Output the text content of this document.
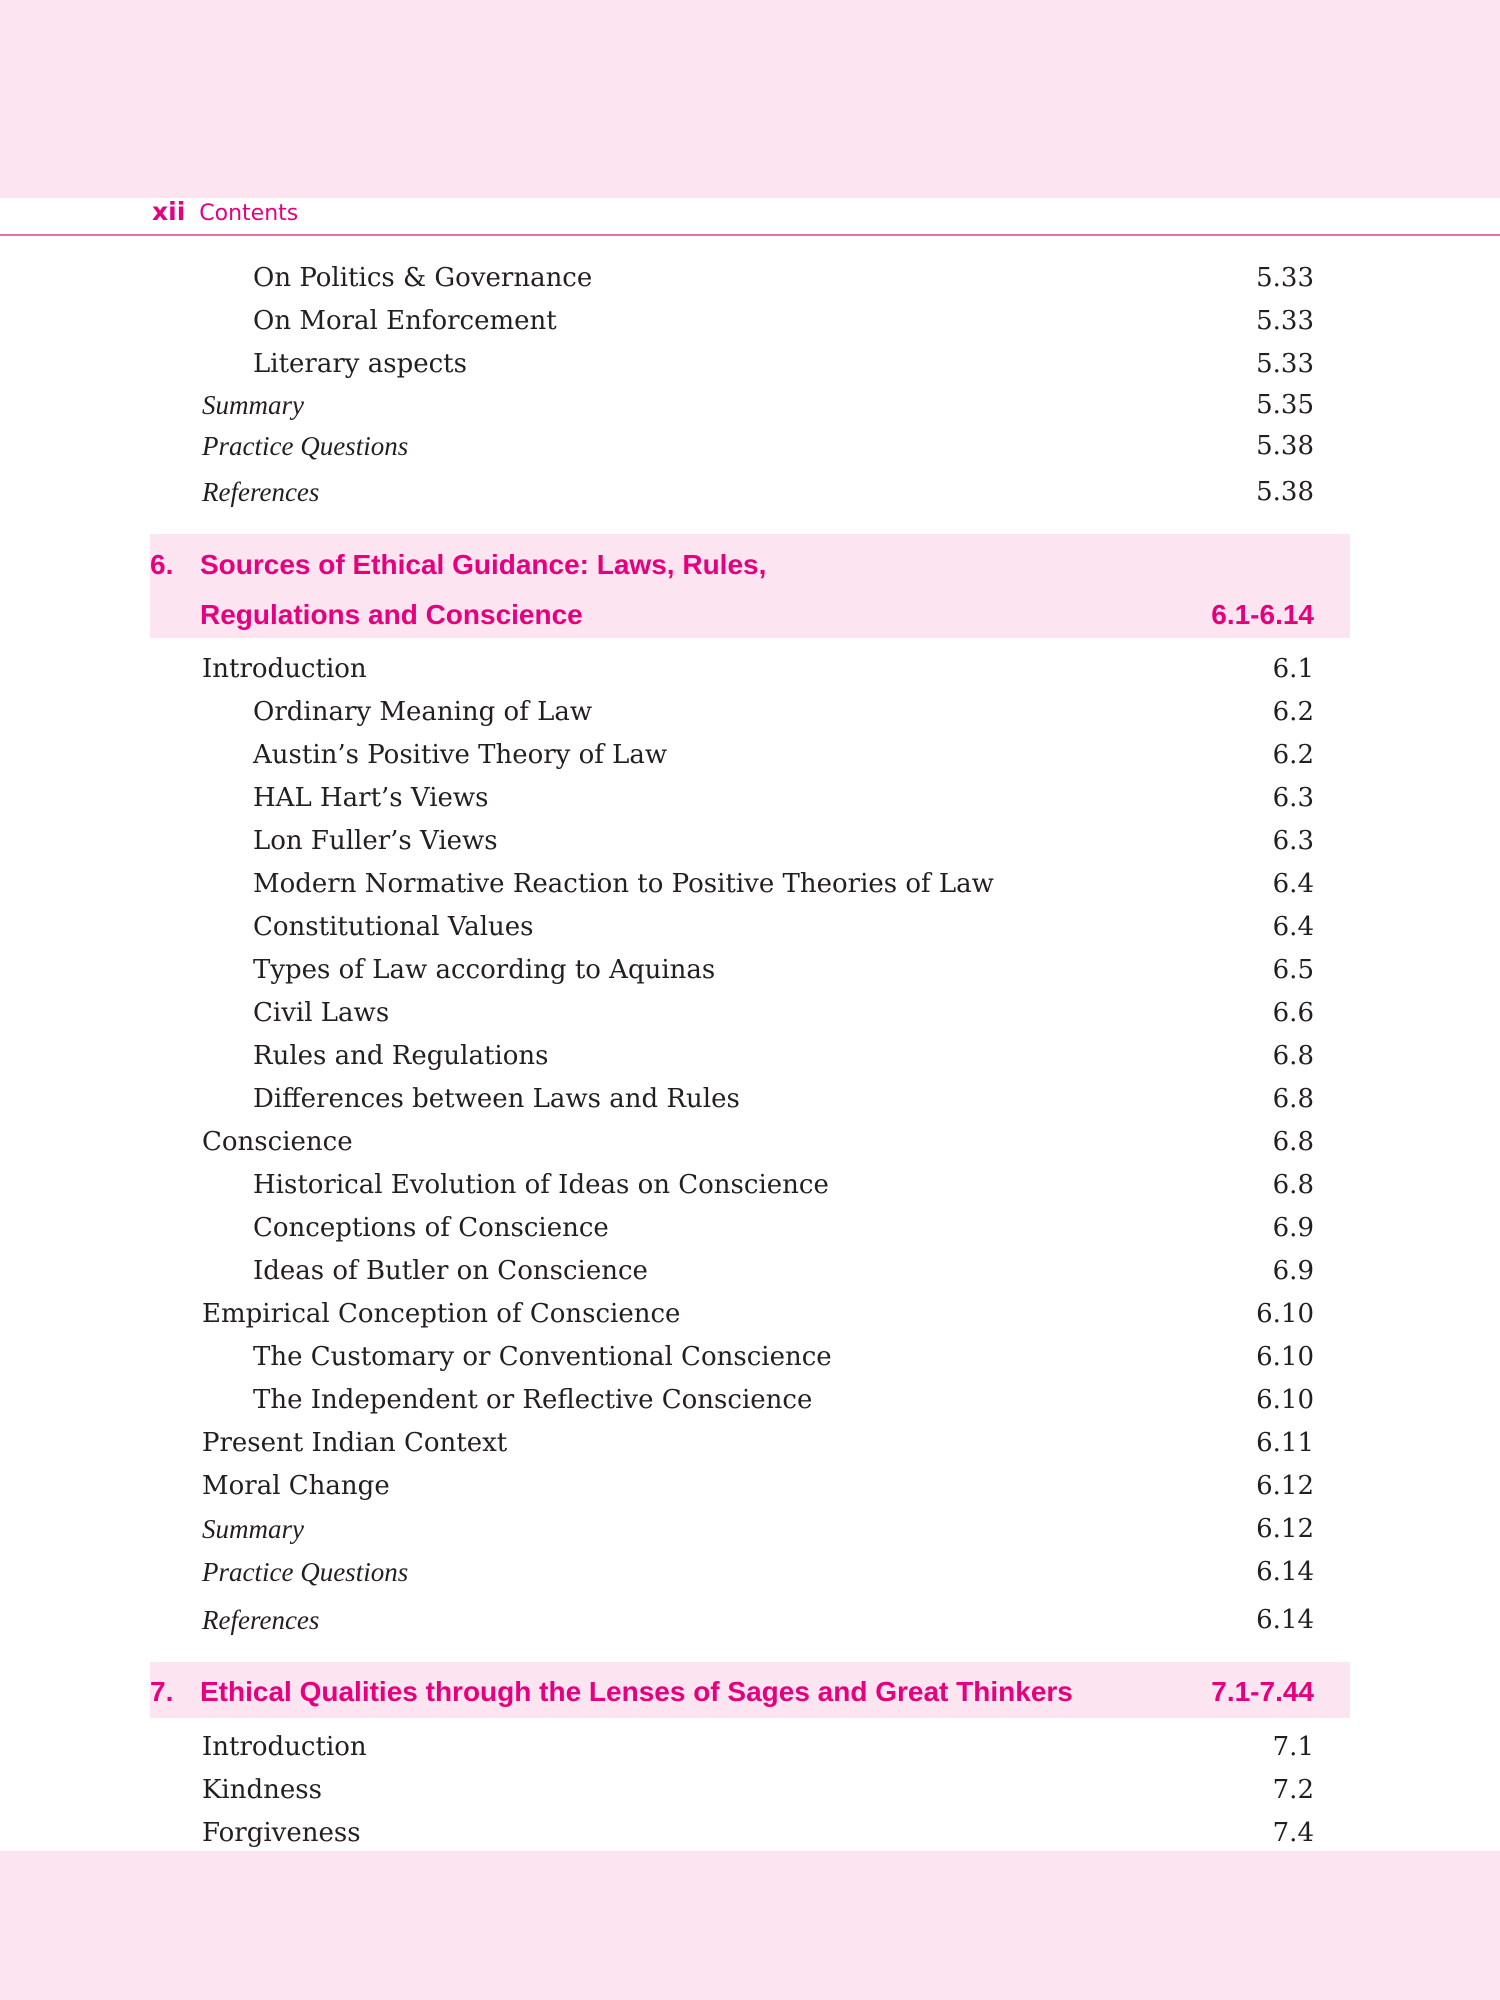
xii Contents
On Politics & Governance	5.33
On Moral Enforcement	5.33
Literary aspects	5.33
Summary	5.35
Practice Questions	5.38
References	5.38
6. Sources of Ethical Guidance: Laws, Rules,
Regulations and Conscience	6.1-6.14
Introduction	6.1
Ordinary Meaning of Law	6.2
Austin’s Positive Theory of Law	6.2
HAL Hart’s Views	6.3
Lon Fuller’s Views	6.3
Modern Normative Reaction to Positive Theories of Law	6.4
Constitutional Values	6.4
Types of Law according to Aquinas	6.5
Civil Laws	6.6
Rules and Regulations	6.8
Differences between Laws and Rules	6.8
Conscience	6.8
Historical Evolution of Ideas on Conscience	6.8
Conceptions of Conscience	6.9
Ideas of Butler on Conscience	6.9
Empirical Conception of Conscience	6.10
The Customary or Conventional Conscience	6.10
The Independent or Reflective Conscience	6.10
Present Indian Context	6.11
Moral Change	6.12
Summary	6.12
Practice Questions	6.14
References	6.14
7. Ethical Qualities through the Lenses of Sages and Great Thinkers	7.1-7.44
Introduction	7.1
Kindness	7.2
Forgiveness	7.4
